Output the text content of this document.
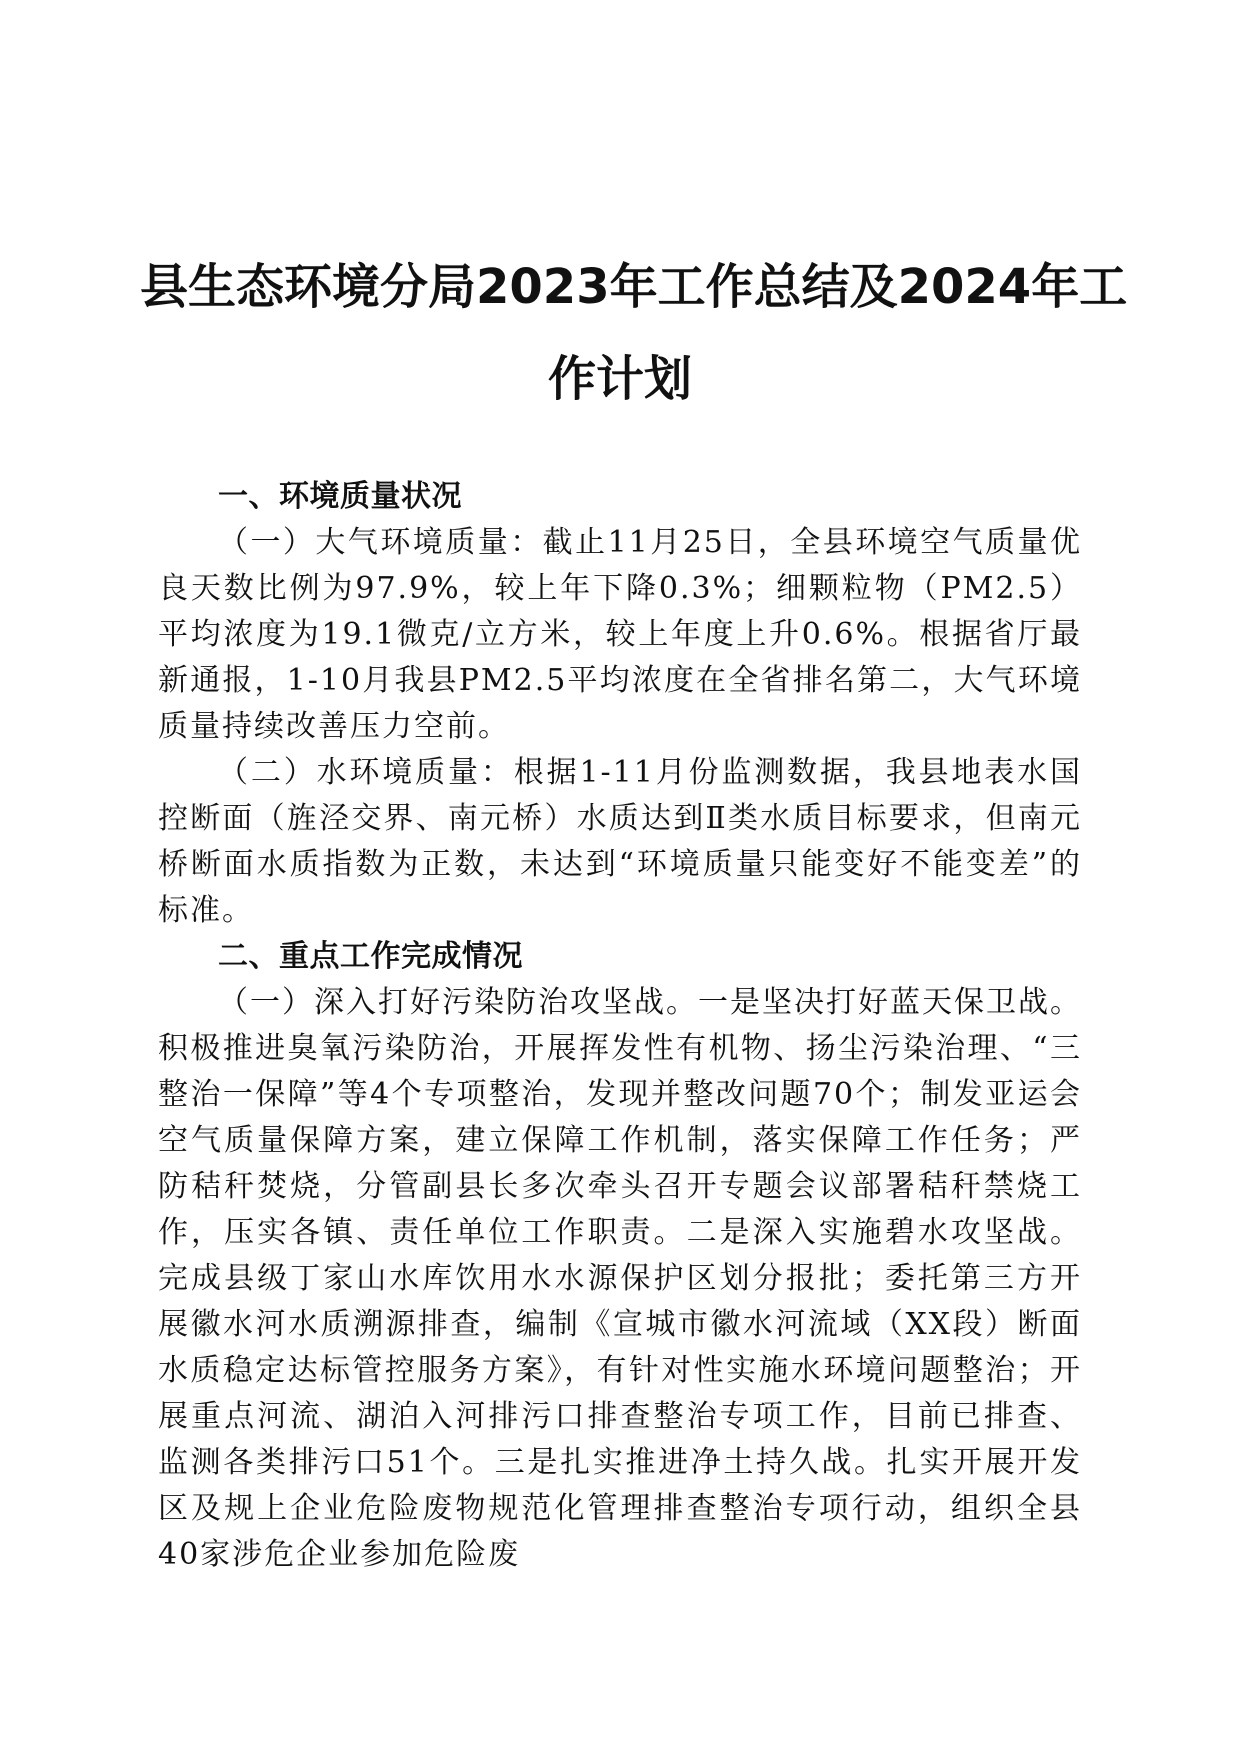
县生态环境分局2023年工作总结及2024年工
作计划

一、环境质量状况

（一）大气环境质量：截止11月25日，全县环境空气质量优良天数比例为97.9%，较上年下降0.3%；细颗粒物（PM2.5）平均浓度为19.1微克/立方米，较上年度上升0.6%。根据省厅最新通报，1-10月我县PM2.5平均浓度在全省排名第二，大气环境质量持续改善压力空前。

（二）水环境质量：根据1-11月份监测数据，我县地表水国控断面（旌泾交界、南元桥）水质达到Ⅱ类水质目标要求，但南元桥断面水质指数为正数，未达到“环境质量只能变好不能变差”的标准。

二、重点工作完成情况

（一）深入打好污染防治攻坚战。一是坚决打好蓝天保卫战。积极推进臭氧污染防治，开展挥发性有机物、扬尘污染治理、“三整治一保障”等4个专项整治，发现并整改问题70个；制发亚运会空气质量保障方案，建立保障工作机制，落实保障工作任务；严防秸秆焚烧，分管副县长多次牵头召开专题会议部署秸秆禁烧工作，压实各镇、责任单位工作职责。二是深入实施碧水攻坚战。完成县级丁家山水库饮用水水源保护区划分报批；委托第三方开展徽水河水质溯源排查，编制《宣城市徽水河流域（XX段）断面水质稳定达标管控服务方案》，有针对性实施水环境问题整治；开展重点河流、湖泊入河排污口排查整治专项工作，目前已排查、监测各类排污口51个。三是扎实推进净土持久战。扎实开展开发区及规上企业危险废物规范化管理排查整治专项行动，组织全县40家涉危企业参加危险废
